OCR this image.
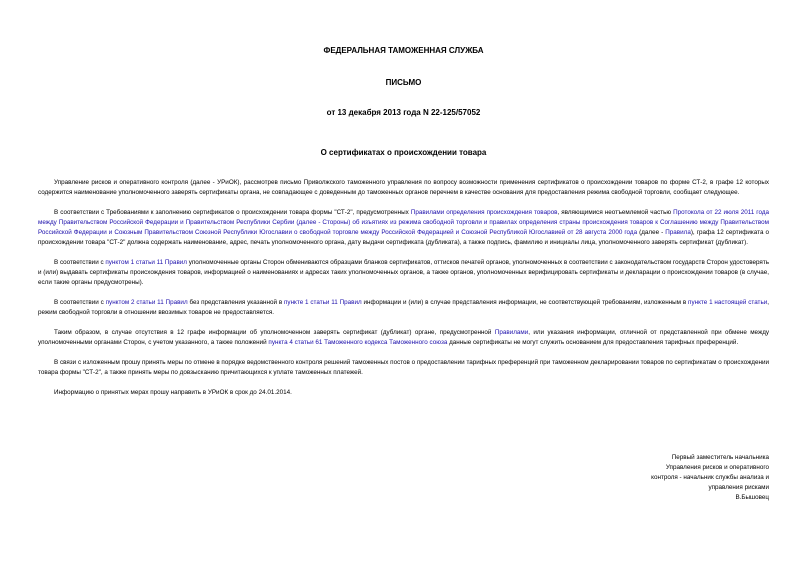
ФЕДЕРАЛЬНАЯ ТАМОЖЕННАЯ СЛУЖБА
ПИСЬМО
от 13 декабря 2013 года N 22-125/57052
О сертификатах о происхождении товара

Управление рисков и оперативного контроля (далее - УРиОК), рассмотрев письмо Приволжского таможенного управления по вопросу возможности применения сертификатов о происхождении товаров по форме СТ-2, в графе 12 которых содержится наименование уполномоченного заверять сертификаты органа, не совпадающее с доведенным до таможенных органов перечнем в качестве основания для предоставления режима свободной торговли, сообщает следующее.

В соответствии с Требованиями к заполнению сертификатов о происхождении товара формы "СТ-2", предусмотренных Правилами определения происхождения товаров, являющимися неотъемлемой частью Протокола от 22 июля 2011 года между Правительством Российской Федерации и Правительством Республики Сербии (далее - Стороны) об изъятиях из режима свободной торговли и правилах определения страны происхождения товаров к Соглашению между Правительством Российской Федерации и Союзным Правительством Союзной Республики Югославии о свободной торговле между Российской Федерацией и Союзной Республикой Югославией от 28 августа 2000 года (далее - Правила), графа 12 сертификата о происхождении товара "СТ-2" должна содержать наименование, адрес, печать уполномоченного органа, дату выдачи сертификата (дубликата), а также подпись, фамилию и инициалы лица, уполномоченного заверять сертификат (дубликат).

В соответствии с пунктом 1 статьи 11 Правил уполномоченные органы Сторон обмениваются образцами бланков сертификатов, оттисков печатей органов, уполномоченных в соответствии с законодательством государств Сторон удостоверять и (или) выдавать сертификаты происхождения товаров, информацией о наименованиях и адресах таких уполномоченных органов, а также органов, уполномоченных верифицировать сертификаты и декларации о происхождении товаров (в случае, если такие органы предусмотрены).

В соответствии с пунктом 2 статьи 11 Правил без представления указанной в пункте 1 статьи 11 Правил информации и (или) в случае представления информации, не соответствующей требованиям, изложенным в пункте 1 настоящей статьи, режим свободной торговли в отношении ввозимых товаров не предоставляется.

Таким образом, в случае отсутствия в 12 графе информации об уполномоченном заверять сертификат (дубликат) органе, предусмотренной Правилами, или указания информации, отличной от представленной при обмене между уполномоченными органами Сторон, с учетом указанного, а также положений пункта 4 статьи 61 Таможенного кодекса Таможенного союза данные сертификаты не могут служить основанием для предоставления тарифных преференций.

В связи с изложенным прошу принять меры по отмене в порядке ведомственного контроля решений таможенных постов о предоставлении тарифных преференций при таможенном декларировании товаров по сертификатам о происхождении товара формы "СТ-2", а также принять меры по довзысканию причитающихся к уплате таможенных платежей.

Информацию о принятых мерах прошу направить в УРиОК в срок до 24.01.2014.

Первый заместитель начальника
Управления рисков и оперативного
контроля - начальник службы анализа и
управления рисками
В.Бышовец
